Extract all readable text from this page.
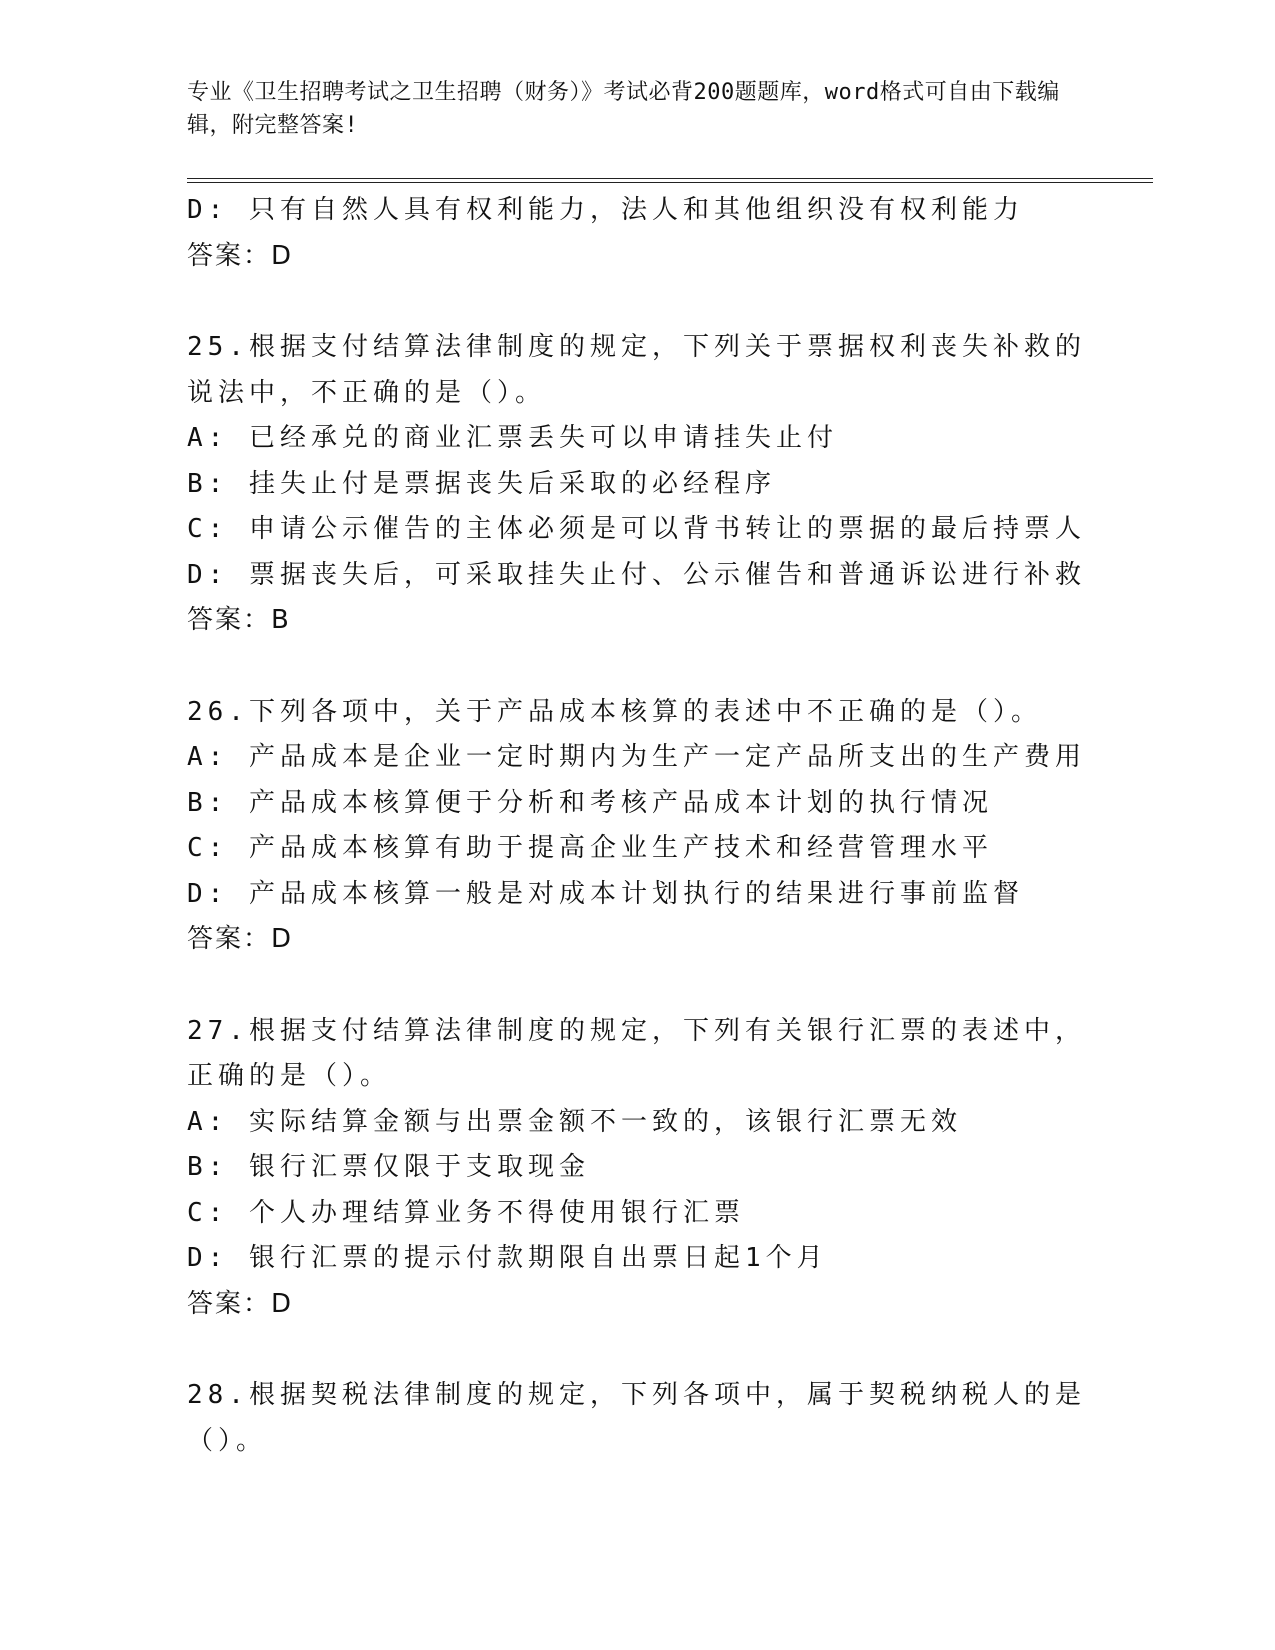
专业《卫生招聘考试之卫生招聘（财务）》考试必背200题题库，word格式可自由下载编辑，附完整答案!
D: 只有自然人具有权利能力，法人和其他组织没有权利能力
答案：D
25.根据支付结算法律制度的规定，下列关于票据权利丧失补救的说法中，不正确的是（）。
A: 已经承兑的商业汇票丢失可以申请挂失止付
B: 挂失止付是票据丧失后采取的必经程序
C: 申请公示催告的主体必须是可以背书转让的票据的最后持票人
D: 票据丧失后，可采取挂失止付、公示催告和普通诉讼进行补救
答案：B
26.下列各项中，关于产品成本核算的表述中不正确的是（）。
A: 产品成本是企业一定时期内为生产一定产品所支出的生产费用
B: 产品成本核算便于分析和考核产品成本计划的执行情况
C: 产品成本核算有助于提高企业生产技术和经营管理水平
D: 产品成本核算一般是对成本计划执行的结果进行事前监督
答案：D
27.根据支付结算法律制度的规定，下列有关银行汇票的表述中，正确的是（）。
A: 实际结算金额与出票金额不一致的，该银行汇票无效
B: 银行汇票仅限于支取现金
C: 个人办理结算业务不得使用银行汇票
D: 银行汇票的提示付款期限自出票日起1个月
答案：D
28.根据契税法律制度的规定，下列各项中，属于契税纳税人的是（）。
